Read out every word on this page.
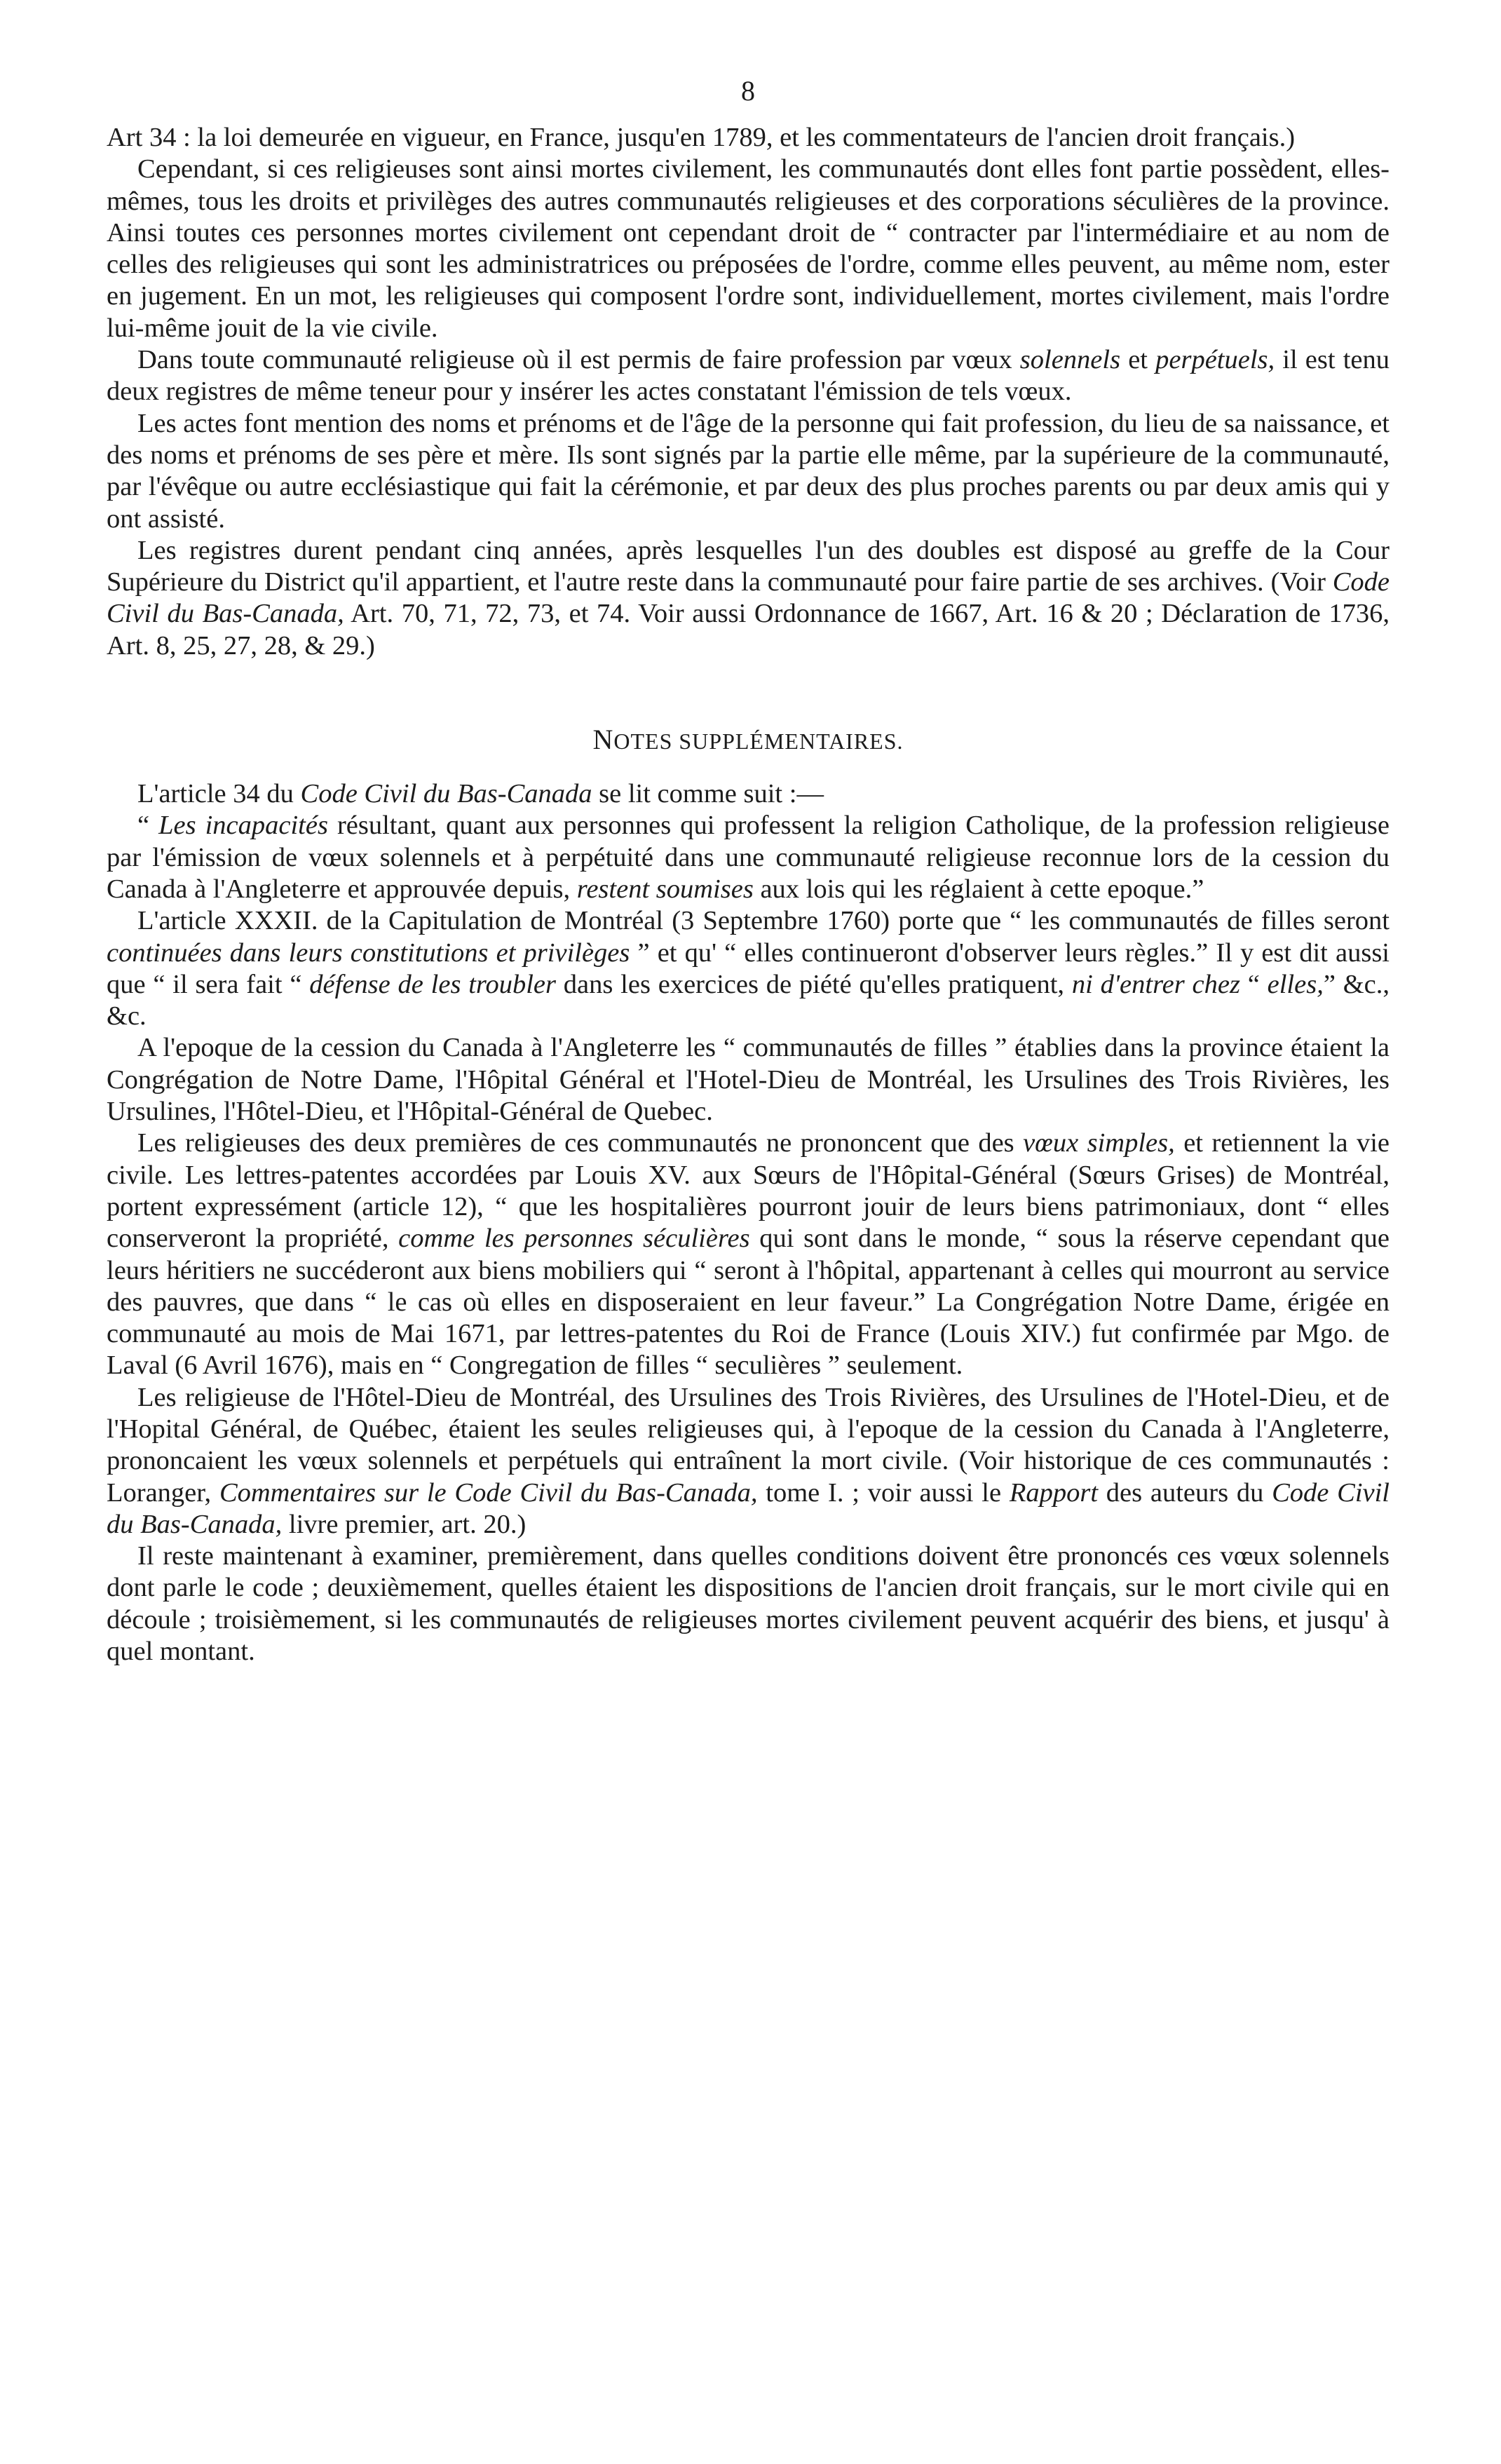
8

Art 34 : la loi demeurée en vigueur, en France, jusqu'en 1789, et les commentateurs de l'ancien droit français.)

Cependant, si ces religieuses sont ainsi mortes civilement, les communautés dont elles font partie possèdent, elles-mêmes, tous les droits et privilèges des autres communautés religieuses et des corporations séculières de la province. Ainsi toutes ces personnes mortes civilement ont cependant droit de “ contracter par l'intermédiaire et au nom de celles des religieuses qui sont les administratrices ou préposées de l'ordre, comme elles peuvent, au même nom, ester en jugement. En un mot, les religieuses qui composent l'ordre sont, individuellement, mortes civilement, mais l'ordre lui-même jouit de la vie civile.

Dans toute communauté religieuse où il est permis de faire profession par vœux solennels et perpétuels, il est tenu deux registres de même teneur pour y insérer les actes constatant l'émission de tels vœux.

Les actes font mention des noms et prénoms et de l'âge de la personne qui fait profession, du lieu de sa naissance, et des noms et prénoms de ses père et mère. Ils sont signés par la partie elle même, par la supérieure de la communauté, par l'évêque ou autre ecclésiastique qui fait la cérémonie, et par deux des plus proches parents ou par deux amis qui y ont assisté.

Les registres durent pendant cinq années, après lesquelles l'un des doubles est disposé au greffe de la Cour Supérieure du District qu'il appartient, et l'autre reste dans la communauté pour faire partie de ses archives. (Voir Code Civil du Bas-Canada, Art. 70, 71, 72, 73, et 74. Voir aussi Ordonnance de 1667, Art. 16 & 20 ; Déclaration de 1736, Art. 8, 25, 27, 28, & 29.)

NOTES SUPPLÉMENTAIRES.

L'article 34 du Code Civil du Bas-Canada se lit comme suit :—

“ Les incapacités résultant, quant aux personnes qui professent la religion Catholique, de la profession religieuse par l'émission de vœux solennels et à perpétuité dans une communauté religieuse reconnue lors de la cession du Canada à l'Angleterre et approuvée depuis, restent soumises aux lois qui les réglaient à cette epoque.”

L'article XXXII. de la Capitulation de Montréal (3 Septembre 1760) porte que “ les communautés de filles seront continuées dans leurs constitutions et privilèges ” et qu' “ elles continueront d'observer leurs règles.” Il y est dit aussi que “ il sera fait “ défense de les troubler dans les exercices de piété qu'elles pratiquent, ni d'entrer chez “ elles,” &c., &c.

A l'epoque de la cession du Canada à l'Angleterre les “ communautés de filles ” établies dans la province étaient la Congrégation de Notre Dame, l'Hôpital Général et l'Hotel-Dieu de Montréal, les Ursulines des Trois Rivières, les Ursulines, l'Hôtel-Dieu, et l'Hôpital-Général de Quebec.

Les religieuses des deux premières de ces communautés ne prononcent que des vœux simples, et retiennent la vie civile. Les lettres-patentes accordées par Louis XV. aux Sœurs de l'Hôpital-Général (Sœurs Grises) de Montréal, portent expressément (article 12), “ que les hospitalières pourront jouir de leurs biens patrimoniaux, dont “ elles conserveront la propriété, comme les personnes séculières qui sont dans le monde, “ sous la réserve cependant que leurs héritiers ne succéderont aux biens mobiliers qui “ seront à l'hôpital, appartenant à celles qui mourront au service des pauvres, que dans “ le cas où elles en disposeraient en leur faveur.” La Congrégation Notre Dame, érigée en communauté au mois de Mai 1671, par lettres-patentes du Roi de France (Louis XIV.) fut confirmée par Mgo. de Laval (6 Avril 1676), mais en “ Congregation de filles “ seculières ” seulement.

Les religieuse de l'Hôtel-Dieu de Montréal, des Ursulines des Trois Rivières, des Ursulines de l'Hotel-Dieu, et de l'Hopital Général, de Québec, étaient les seules religieuses qui, à l'epoque de la cession du Canada à l'Angleterre, prononcaient les vœux solennels et perpétuels qui entraînent la mort civile. (Voir historique de ces communautés : Loranger, Commentaires sur le Code Civil du Bas-Canada, tome I. ; voir aussi le Rapport des auteurs du Code Civil du Bas-Canada, livre premier, art. 20.)

Il reste maintenant à examiner, premièrement, dans quelles conditions doivent être prononcés ces vœux solennels dont parle le code ; deuxièmement, quelles étaient les dispositions de l'ancien droit français, sur le mort civile qui en découle ; troisièmement, si les communautés de religieuses mortes civilement peuvent acquérir des biens, et jusqu' à quel montant.
